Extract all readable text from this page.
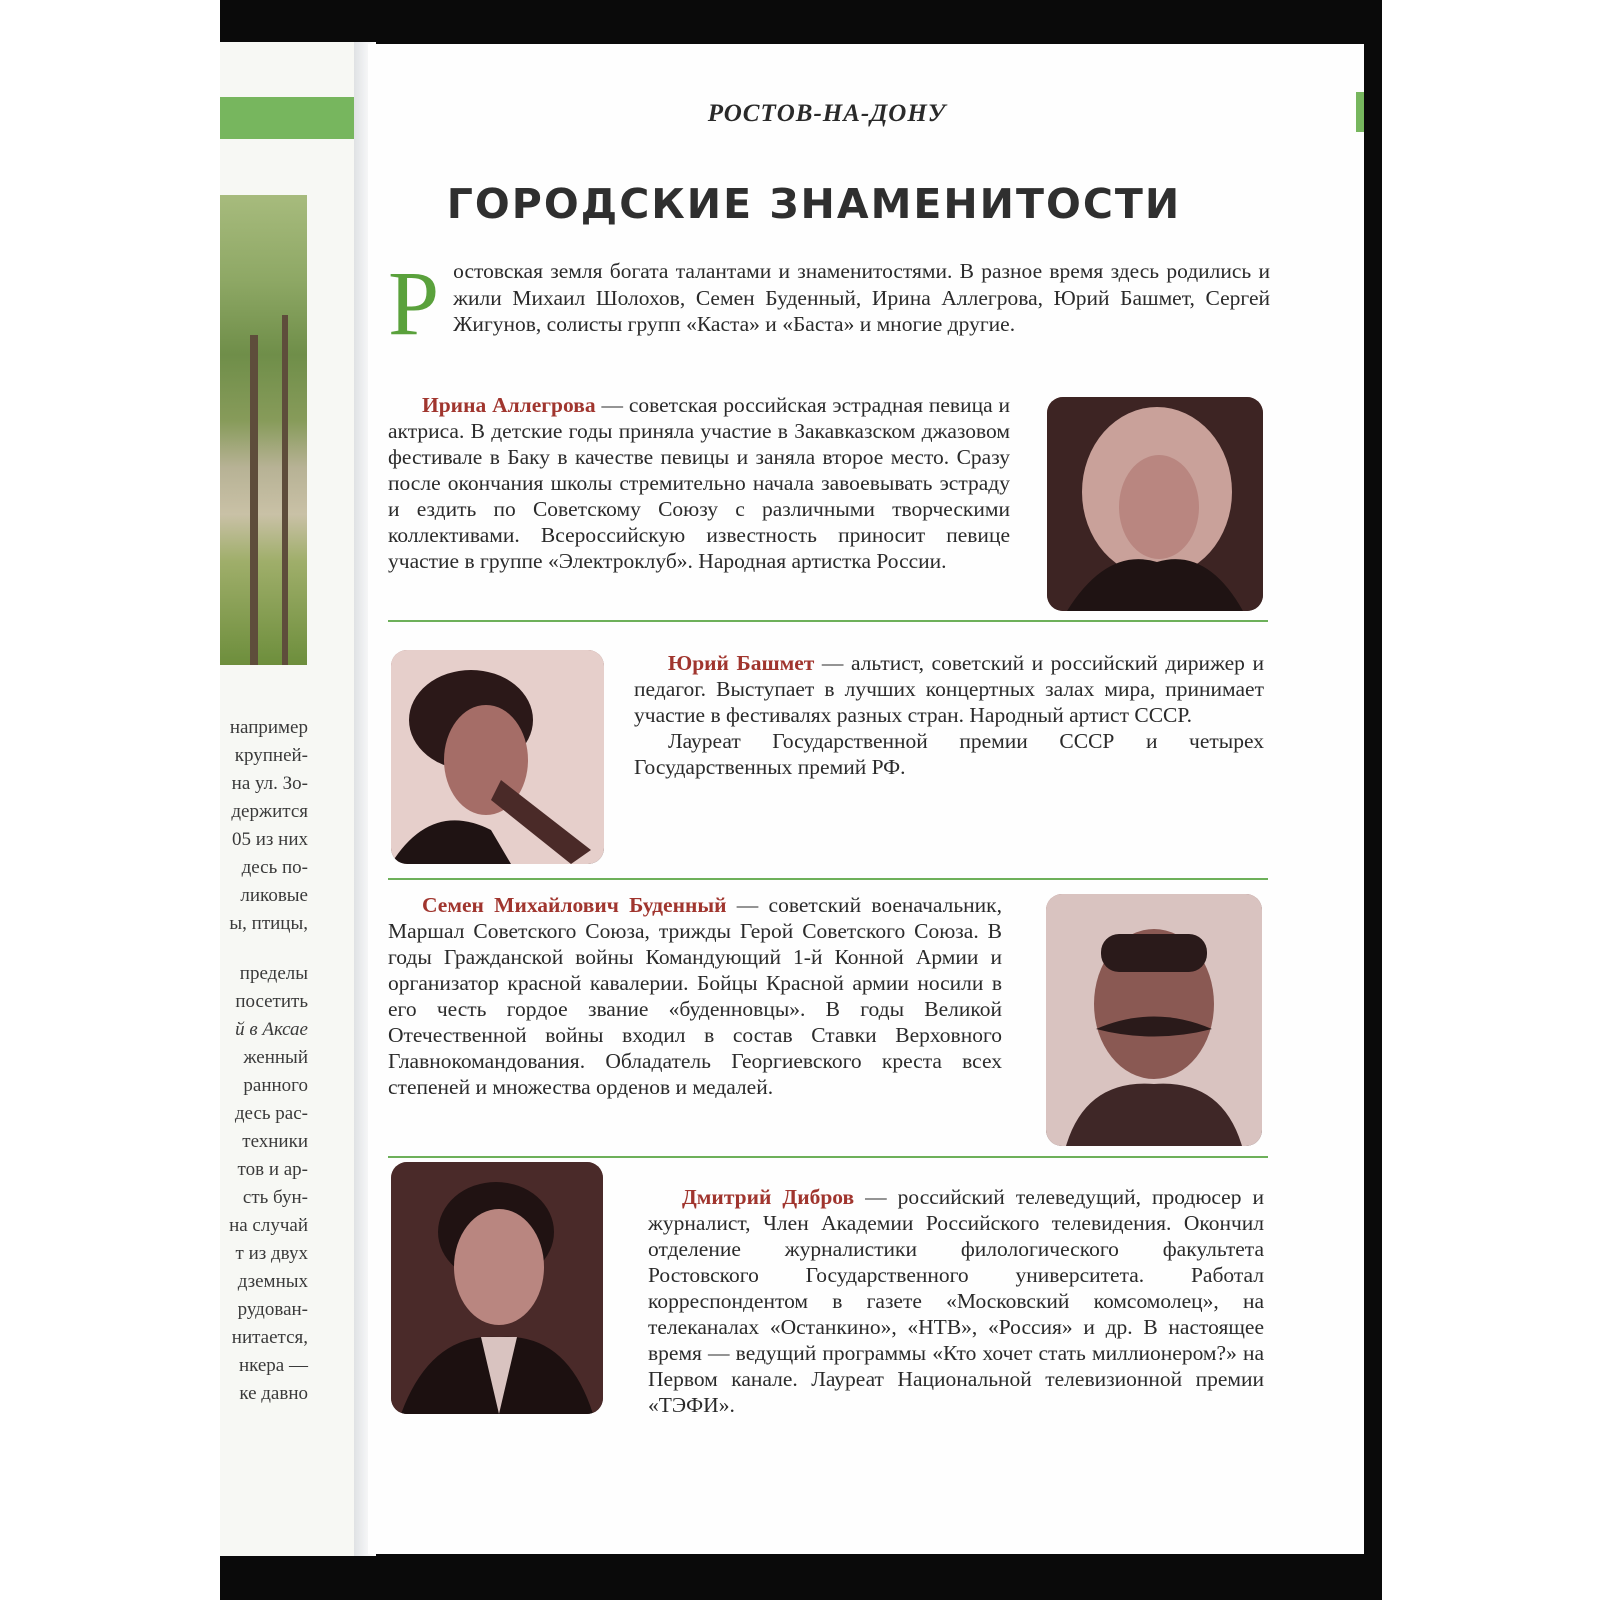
например
крупней-
на ул. Зо-
держится
05 из них
десь по-
ликовые
ы, птицы,
пределы
посетить
й в Аксае
женный
ранного
десь рас-
техники
тов и ар-
сть бун-
на случай
т из двух
дземных
рудован-
нитается,
нкера —
ке давно
РОСТОВ-НА-ДОНУ
ГОРОДСКИЕ ЗНАМЕНИТОСТИ
Ростовская земля богата талантами и знаменитостями. В разное время здесь родились и жили Михаил Шолохов, Семен Буденный, Ирина Аллегрова, Юрий Башмет, Сергей Жигунов, солисты групп «Каста» и «Баста» и многие другие.
Ирина Аллегрова — советская российская эстрадная певица и актриса. В детские годы приняла участие в Закавказском джазовом фестивале в Баку в качестве певицы и заняла второе место. Сразу после окончания школы стремительно начала завоевывать эстраду и ездить по Советскому Союзу с различными творческими коллективами. Всероссийскую известность приносит певице участие в группе «Электроклуб». Народная артистка России.
Юрий Башмет — альтист, советский и российский дирижер и педагог. Выступает в лучших концертных залах мира, принимает участие в фестивалях разных стран. Народный артист СССР.
Лауреат Государственной премии СССР и четырех Государственных премий РФ.
Семен Михайлович Буденный — советский военачальник, Маршал Советского Союза, трижды Герой Советского Союза. В годы Гражданской войны Командующий 1-й Конной Армии и организатор красной кавалерии. Бойцы Красной армии носили в его честь гордое звание «буденновцы». В годы Великой Отечественной войны входил в состав Ставки Верховного Главнокомандования. Обладатель Георгиевского креста всех степеней и множества орденов и медалей.
Дмитрий Дибров — российский телеведущий, продюсер и журналист, Член Академии Российского телевидения. Окончил отделение журналистики филологического факультета Ростовского Государственного университета. Работал корреспондентом в газете «Московский комсомолец», на телеканалах «Останкино», «НТВ», «Россия» и др. В настоящее время — ведущий программы «Кто хочет стать миллионером?» на Первом канале. Лауреат Национальной телевизионной премии «ТЭФИ».
